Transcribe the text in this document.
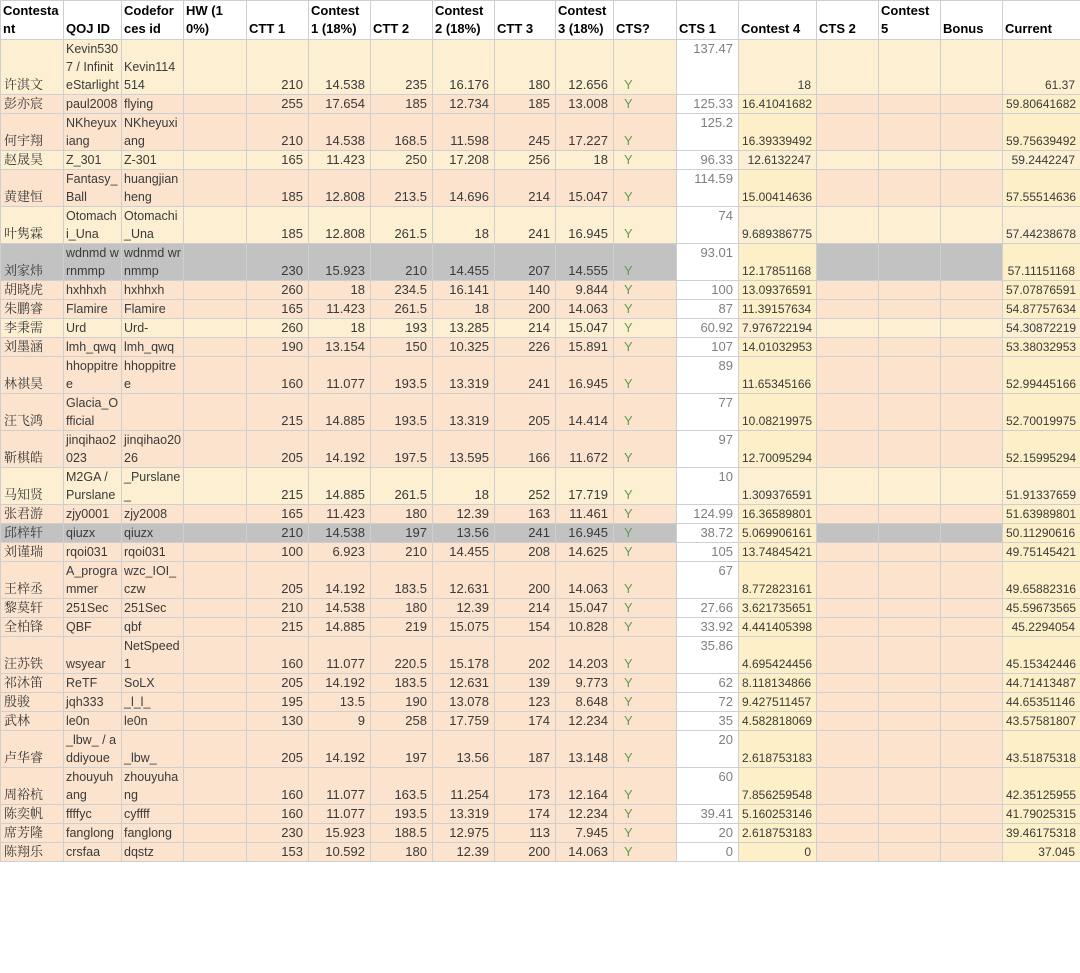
Contestant	QOJ ID	Codeforces id	HW (10%)	CTT 1	Contest 1 (18%)	CTT 2	Contest 2 (18%)	CTT 3	Contest 3 (18%)	CTS?	CTS 1	Contest 4	CTS 2	Contest 5	Bonus	Current
许淇文	Kevin5307 / InfiniteStarlight	Kevin114514		210	14.538	235	16.176	180	12.656	Y	137.47	18				61.37
彭亦宸	paul2008	flying		255	17.654	185	12.734	185	13.008	Y	125.33	16.41041682				59.80641682
何宇翔	NKheyuxiang	NKheyuxiang		210	14.538	168.5	11.598	245	17.227	Y	125.2	16.39339492				59.75639492
赵晟昊	Z_301	Z-301		165	11.423	250	17.208	256	18	Y	96.33	12.6132247				59.2442247
黄建恒	Fantasy_Ball	huangjianheng		185	12.808	213.5	14.696	214	15.047	Y	114.59	15.00414636				57.55514636
叶隽霖	Otomachi_Una	Otomachi_Una		185	12.808	261.5	18	241	16.945	Y	74	9.689386775				57.44238678
刘家炜	wdnmd wrnmmp	wdnmd wrnmmp		230	15.923	210	14.455	207	14.555	Y	93.01	12.17851168				57.11151168
胡晓虎	hxhhxh	hxhhxh		260	18	234.5	16.141	140	9.844	Y	100	13.09376591				57.07876591
朱鹏睿	Flamire	Flamire		165	11.423	261.5	18	200	14.063	Y	87	11.39157634				54.87757634
李秉需	Urd	Urd-		260	18	193	13.285	214	15.047	Y	60.92	7.976722194				54.30872219
刘墨涵	lmh_qwq	lmh_qwq		190	13.154	150	10.325	226	15.891	Y	107	14.01032953				53.38032953
林祺昊	hhoppitree	hhoppitree		160	11.077	193.5	13.319	241	16.945	Y	89	11.65345166				52.99445166
汪飞鸿	Glacia_Official			215	14.885	193.5	13.319	205	14.414	Y	77	10.08219975				52.70019975
靳棋皓	jinqihao2023	jinqihao2026		205	14.192	197.5	13.595	166	11.672	Y	97	12.70095294				52.15995294
马知贤	M2GA / Purslane	_Purslane_		215	14.885	261.5	18	252	17.719	Y	10	1.309376591				51.91337659
张君游	zjy0001	zjy2008		165	11.423	180	12.39	163	11.461	Y	124.99	16.36589801				51.63989801
邱梓轩	qiuzx	qiuzx		210	14.538	197	13.56	241	16.945	Y	38.72	5.069906161				50.11290616
刘谨瑞	rqoi031	rqoi031		100	6.923	210	14.455	208	14.625	Y	105	13.74845421				49.75145421
王梓丞	A_programmer	wzc_IOI_czw		205	14.192	183.5	12.631	200	14.063	Y	67	8.772823161				49.65882316
黎莫轩	251Sec	251Sec		210	14.538	180	12.39	214	15.047	Y	27.66	3.621735651				45.59673565
全柏锋	QBF	qbf		215	14.885	219	15.075	154	10.828	Y	33.92	4.441405398				45.2294054
汪苏铁	wsyear	NetSpeed1		160	11.077	220.5	15.178	202	14.203	Y	35.86	4.695424456				45.15342446
祁沐笛	ReTF	SoLX		205	14.192	183.5	12.631	139	9.773	Y	62	8.118134866				44.71413487
殷骏	jqh333	_l_l_		195	13.5	190	13.078	123	8.648	Y	72	9.427511457				44.65351146
武林	le0n	le0n		130	9	258	17.759	174	12.234	Y	35	4.582818069				43.57581807
卢华睿	_lbw_ / addiyoue	_lbw_		205	14.192	197	13.56	187	13.148	Y	20	2.618753183				43.51875318
周裕杭	zhouyuhang	zhouyuhang		160	11.077	163.5	11.254	173	12.164	Y	60	7.856259548				42.35125955
陈奕帆	ffffyc	cyffff		160	11.077	193.5	13.319	174	12.234	Y	39.41	5.160253146				41.79025315
席芳隆	fanglong	fanglong		230	15.923	188.5	12.975	113	7.945	Y	20	2.618753183				39.46175318
陈翔乐	crsfaa	dqstz		153	10.592	180	12.39	200	14.063	Y	0	0				37.045
